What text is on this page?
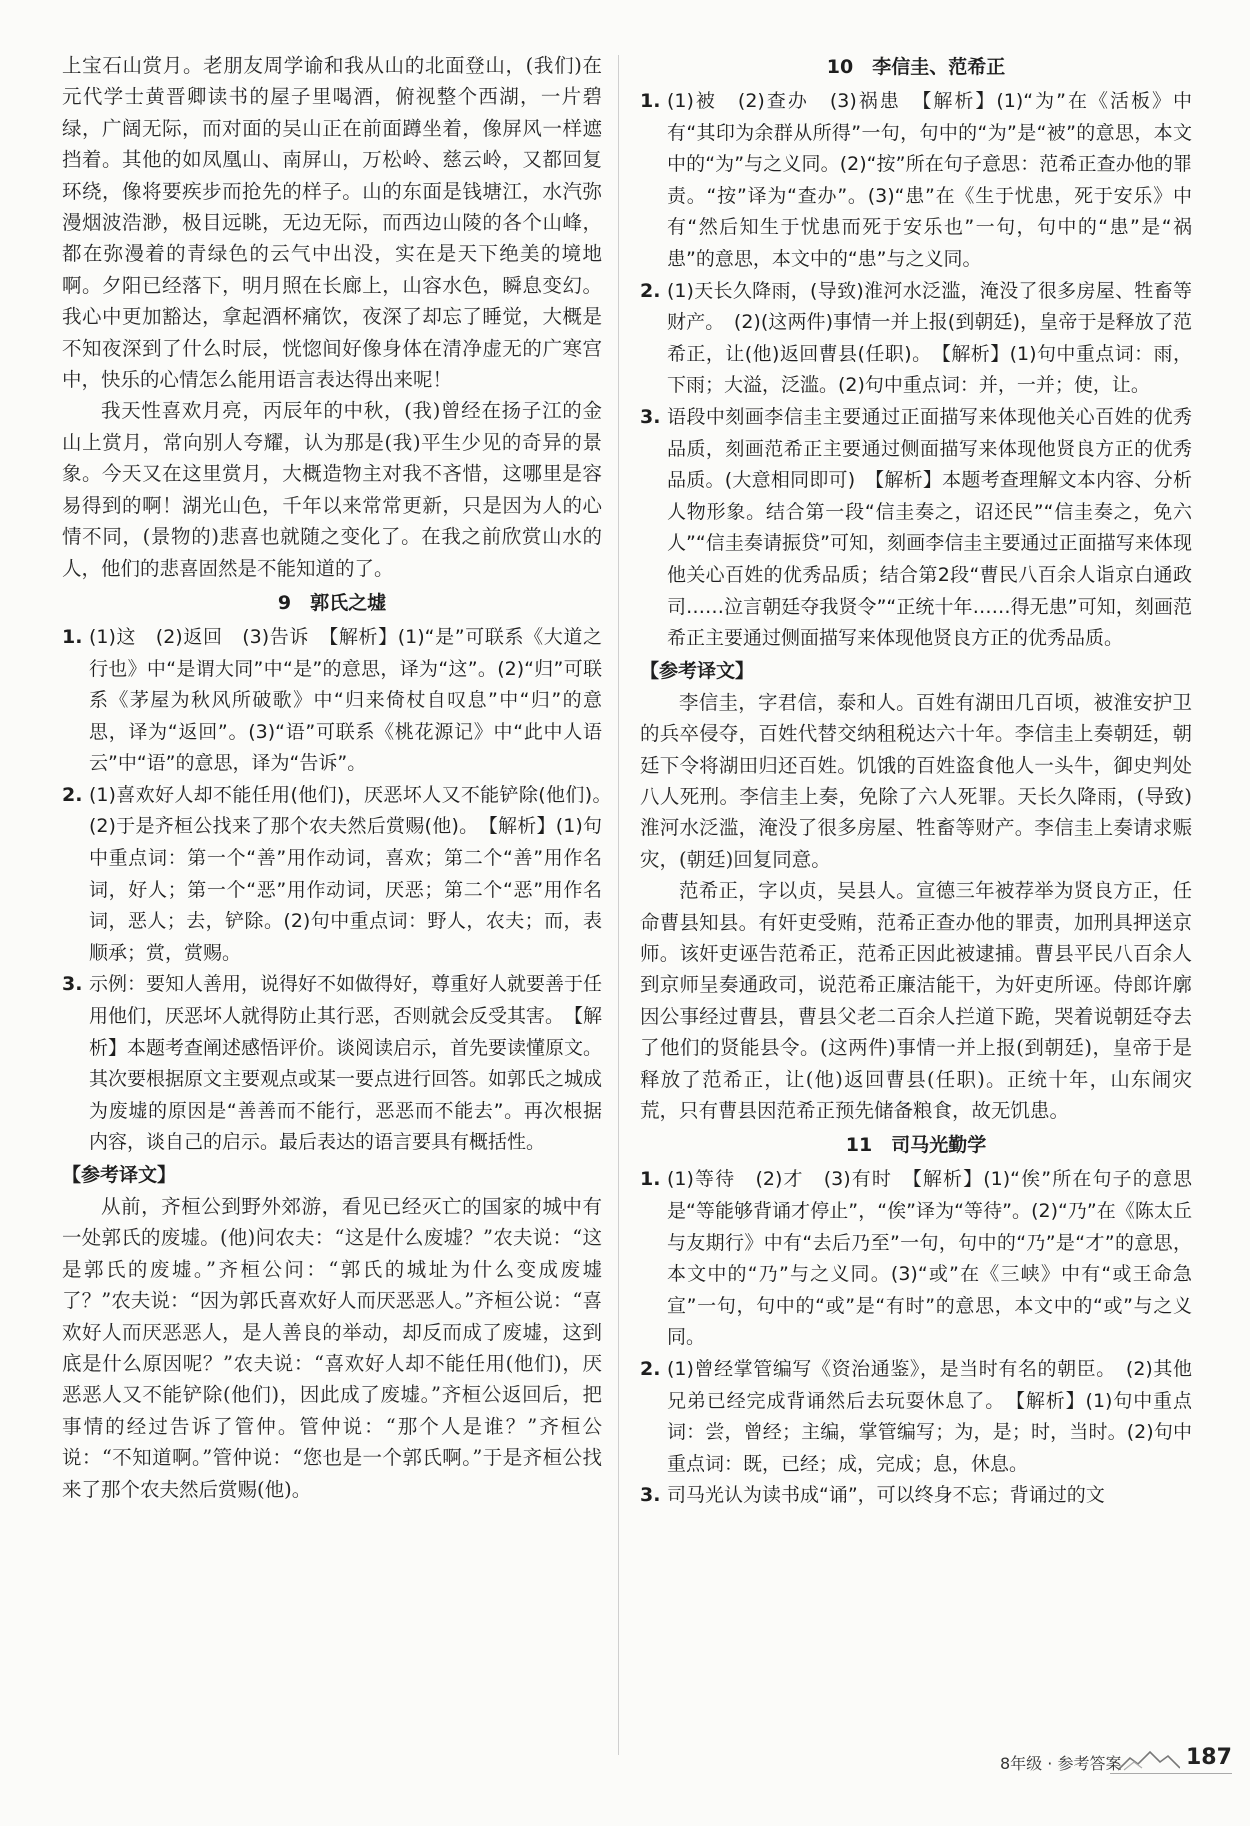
上宝石山赏月。老朋友周学谕和我从山的北面登山，(我们)在元代学士黄晋卿读书的屋子里喝酒，俯视整个西湖，一片碧绿，广阔无际，而对面的吴山正在前面蹲坐着，像屏风一样遮挡着。其他的如凤凰山、南屏山，万松岭、慈云岭，又都回复环绕，像将要疾步而抢先的样子。山的东面是钱塘江，水汽弥漫烟波浩渺，极目远眺，无边无际，而西边山陵的各个山峰，都在弥漫着的青绿色的云气中出没，实在是天下绝美的境地啊。夕阳已经落下，明月照在长廊上，山容水色，瞬息变幻。我心中更加豁达，拿起酒杯痛饮，夜深了却忘了睡觉，大概是不知夜深到了什么时辰，恍惚间好像身体在清净虚无的广寒宫中，快乐的心情怎么能用语言表达得出来呢！

我天性喜欢月亮，丙辰年的中秋，(我)曾经在扬子江的金山上赏月，常向别人夸耀，认为那是(我)平生少见的奇异的景象。今天又在这里赏月，大概造物主对我不吝惜，这哪里是容易得到的啊！湖光山色，千年以来常常更新，只是因为人的心情不同，(景物的)悲喜也就随之变化了。在我之前欣赏山水的人，他们的悲喜固然是不能知道的了。

9　郭氏之墟
1. (1)这　(2)返回　(3)告诉　【解析】(1)“是”可联系《大道之行也》中“是谓大同”中“是”的意思，译为“这”。(2)“归”可联系《茅屋为秋风所破歌》中“归来倚杖自叹息”中“归”的意思，译为“返回”。(3)“语”可联系《桃花源记》中“此中人语云”中“语”的意思，译为“告诉”。
2. (1)喜欢好人却不能任用(他们)，厌恶坏人又不能铲除(他们)。　(2)于是齐桓公找来了那个农夫然后赏赐(他)。　【解析】(1)句中重点词：第一个“善”用作动词，喜欢；第二个“善”用作名词，好人；第一个“恶”用作动词，厌恶；第二个“恶”用作名词，恶人；去，铲除。(2)句中重点词：野人，农夫；而，表顺承；赏，赏赐。
3. 示例：要知人善用，说得好不如做得好，尊重好人就要善于任用他们，厌恶坏人就得防止其行恶，否则就会反受其害。　【解析】本题考查阐述感悟评价。谈阅读启示，首先要读懂原文。其次要根据原文主要观点或某一要点进行回答。如郭氏之城成为废墟的原因是“善善而不能行，恶恶而不能去”。再次根据内容，谈自己的启示。最后表达的语言要具有概括性。

【参考译文】

从前，齐桓公到野外郊游，看见已经灭亡的国家的城中有一处郭氏的废墟。(他)问农夫：“这是什么废墟？”农夫说：“这是郭氏的废墟。”齐桓公问：“郭氏的城址为什么变成废墟了？”农夫说：“因为郭氏喜欢好人而厌恶恶人。”齐桓公说：“喜欢好人而厌恶恶人，是人善良的举动，却反而成了废墟，这到底是什么原因呢？”农夫说：“喜欢好人却不能任用(他们)，厌恶恶人又不能铲除(他们)，因此成了废墟。”齐桓公返回后，把事情的经过告诉了管仲。管仲说：“那个人是谁？”齐桓公说：“不知道啊。”管仲说：“您也是一个郭氏啊。”于是齐桓公找来了那个农夫然后赏赐(他)。

10　李信圭、范希正
1. (1)被　(2)查办　(3)祸患　【解析】(1)“为”在《活板》中有“其印为余群从所得”一句，句中的“为”是“被”的意思，本文中的“为”与之义同。(2)“按”所在句子意思：范希正查办他的罪责。“按”译为“查办”。(3)“患”在《生于忧患，死于安乐》中有“然后知生于忧患而死于安乐也”一句，句中的“患”是“祸患”的意思，本文中的“患”与之义同。
2. (1)天长久降雨，(导致)淮河水泛滥，淹没了很多房屋、牲畜等财产。　(2)(这两件)事情一并上报(到朝廷)，皇帝于是释放了范希正，让(他)返回曹县(任职)。　【解析】(1)句中重点词：雨，下雨；大溢，泛滥。(2)句中重点词：并，一并；使，让。
3. 语段中刻画李信圭主要通过正面描写来体现他关心百姓的优秀品质，刻画范希正主要通过侧面描写来体现他贤良方正的优秀品质。(大意相同即可)　【解析】本题考查理解文本内容、分析人物形象。结合第一段“信圭奏之，诏还民”“信圭奏之，免六人”“信圭奏请振贷”可知，刻画李信圭主要通过正面描写来体现他关心百姓的优秀品质；结合第2段“曹民八百余人诣京白通政司……泣言朝廷夺我贤令”“正统十年……得无患”可知，刻画范希正主要通过侧面描写来体现他贤良方正的优秀品质。

【参考译文】

李信圭，字君信，泰和人。百姓有湖田几百顷，被淮安护卫的兵卒侵夺，百姓代替交纳租税达六十年。李信圭上奏朝廷，朝廷下令将湖田归还百姓。饥饿的百姓盗食他人一头牛，御史判处八人死刑。李信圭上奏，免除了六人死罪。天长久降雨，(导致)淮河水泛滥，淹没了很多房屋、牲畜等财产。李信圭上奏请求赈灾，(朝廷)回复同意。

范希正，字以贞，吴县人。宣德三年被荐举为贤良方正，任命曹县知县。有奸吏受贿，范希正查办他的罪责，加刑具押送京师。该奸吏诬告范希正，范希正因此被逮捕。曹县平民八百余人到京师呈奏通政司，说范希正廉洁能干，为奸吏所诬。侍郎许廓因公事经过曹县，曹县父老二百余人拦道下跪，哭着说朝廷夺去了他们的贤能县令。(这两件)事情一并上报(到朝廷)，皇帝于是释放了范希正，让(他)返回曹县(任职)。正统十年，山东闹灾荒，只有曹县因范希正预先储备粮食，故无饥患。

11　司马光勤学
1. (1)等待　(2)才　(3)有时　【解析】(1)“俟”所在句子的意思是“等能够背诵才停止”，“俟”译为“等待”。(2)“乃”在《陈太丘与友期行》中有“去后乃至”一句，句中的“乃”是“才”的意思，本文中的“乃”与之义同。(3)“或”在《三峡》中有“或王命急宣”一句，句中的“或”是“有时”的意思，本文中的“或”与之义同。
2. (1)曾经掌管编写《资治通鉴》，是当时有名的朝臣。　(2)其他兄弟已经完成背诵然后去玩耍休息了。　【解析】(1)句中重点词：尝，曾经；主编，掌管编写；为，是；时，当时。(2)句中重点词：既，已经；成，完成；息，休息。
3. 司马光认为读书成“诵”，可以终身不忘；背诵过的文
8年级 · 参考答案	187
